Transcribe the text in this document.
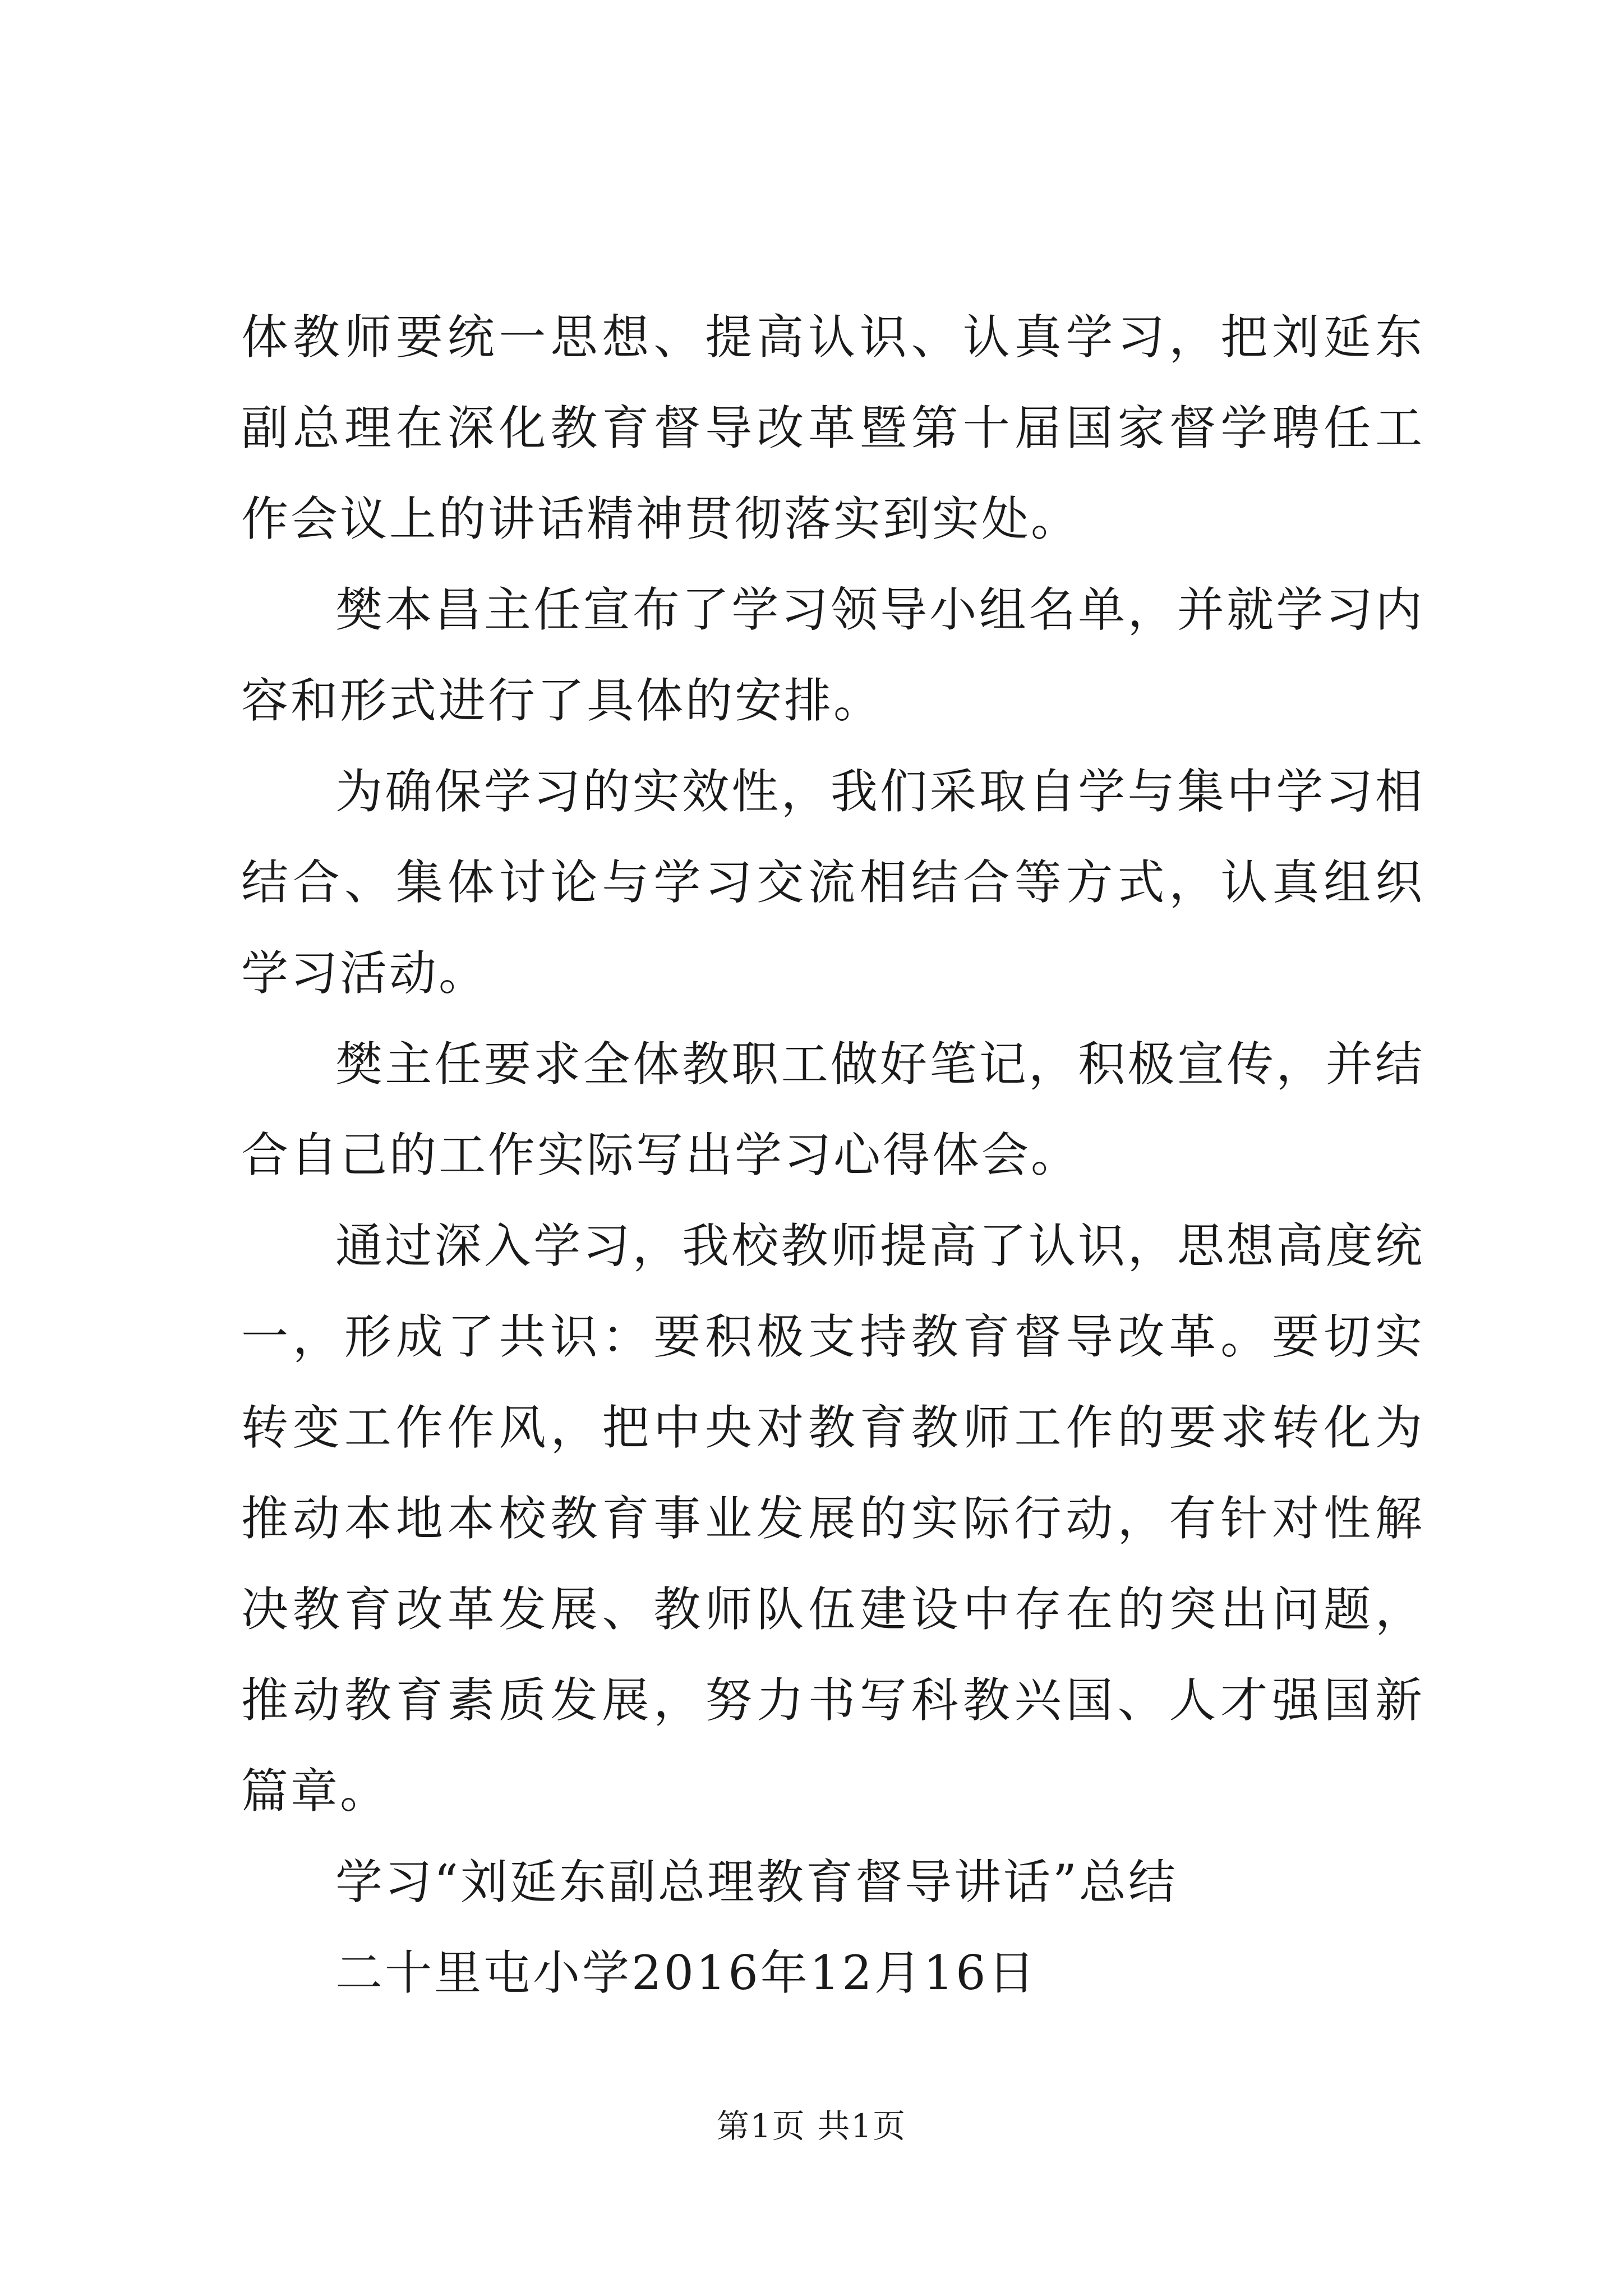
体教师要统一思想、提高认识、认真学习，把刘延东副总理在深化教育督导改革暨第十届国家督学聘任工作会议上的讲话精神贯彻落实到实处。

樊本昌主任宣布了学习领导小组名单，并就学习内容和形式进行了具体的安排。

为确保学习的实效性，我们采取自学与集中学习相结合、集体讨论与学习交流相结合等方式，认真组织学习活动。

樊主任要求全体教职工做好笔记，积极宣传，并结合自己的工作实际写出学习心得体会。

通过深入学习，我校教师提高了认识，思想高度统一，形成了共识：要积极支持教育督导改革。要切实转变工作作风，把中央对教育教师工作的要求转化为推动本地本校教育事业发展的实际行动，有针对性解决教育改革发展、教师队伍建设中存在的突出问题，推动教育素质发展，努力书写科教兴国、人才强国新篇章。

学习“刘延东副总理教育督导讲话”总结

二十里屯小学2016年12月16日

第1页 共1页
